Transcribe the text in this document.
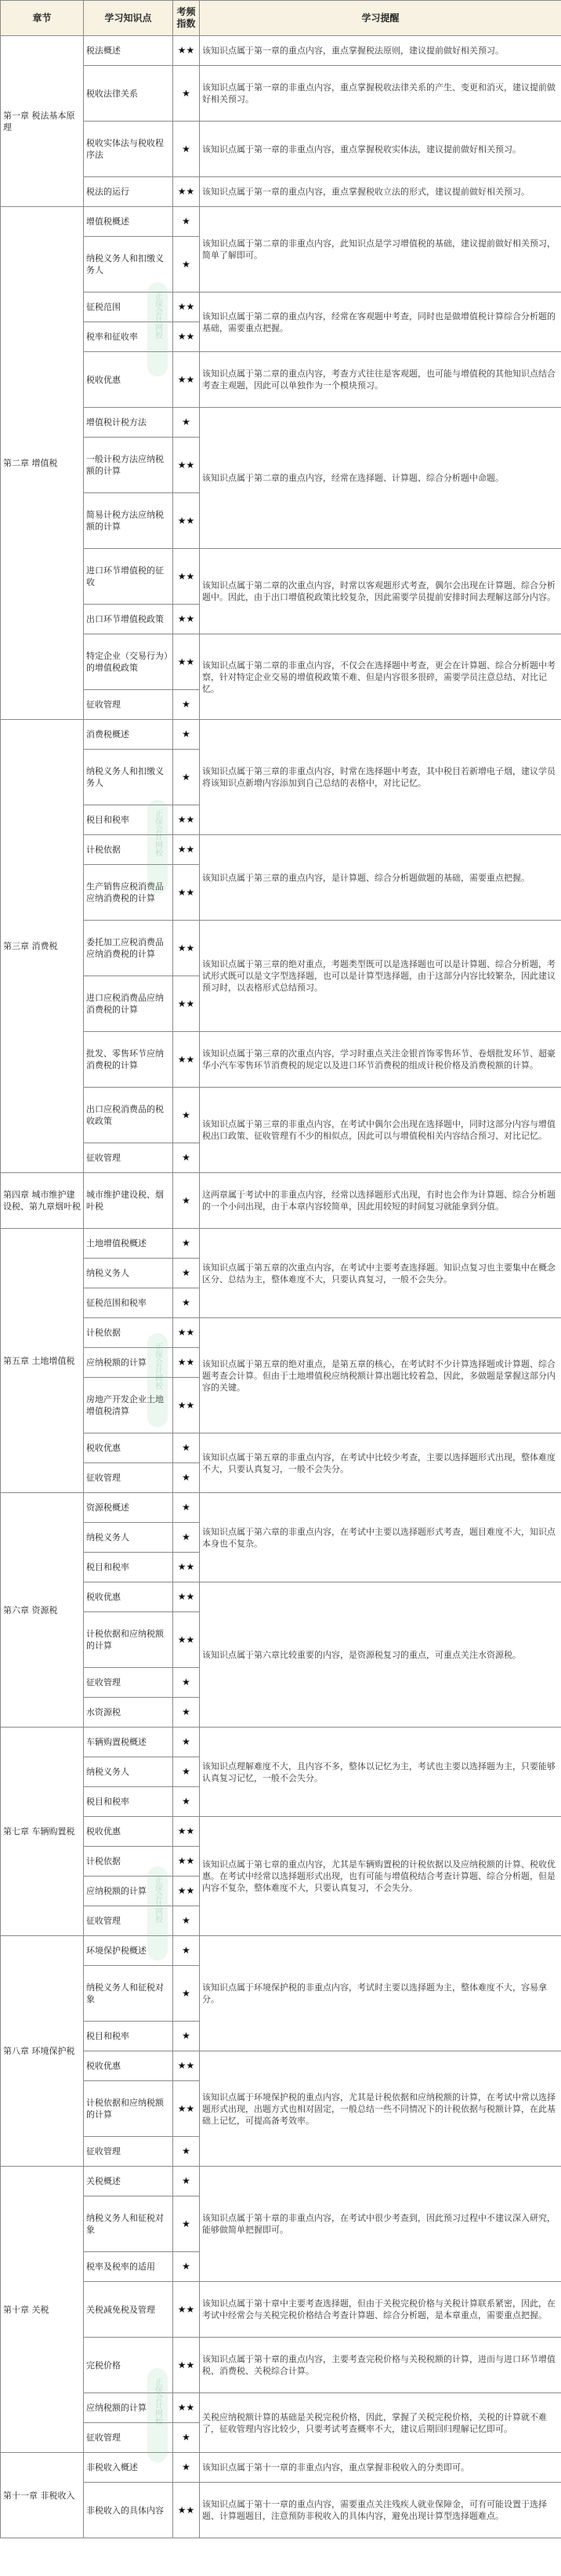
章节	学习知识点	考频指数	学习提醒
第一章 税法基本原理	税法概述	★★	该知识点属于第一章的重点内容，重点掌握税法原则，建议提前做好相关预习。
	税收法律关系	★	该知识点属于第一章的非重点内容，重点掌握税收法律关系的产生、变更和消灭，建议提前做好相关预习。
	税收实体法与税收程序法	★	该知识点属于第一章的非重点内容，重点掌握税收实体法，建议提前做好相关预习。
	税法的运行	★★	该知识点属于第一章的重点内容，重点掌握税收立法的形式，建议提前做好相关预习。
第二章 增值税	增值税概述	★	该知识点属于第二章的非重点内容，此知识点是学习增值税的基础，建议提前做好相关预习，简单了解即可。
	纳税义务人和扣缴义务人	★	
	征税范围	★★	该知识点属于第二章的重点内容，经常在客观题中考查，同时也是做增值税计算综合分析题的基础，需要重点把握。
	税率和征收率	★★	
	税收优惠	★★	该知识点属于第二章的重点内容，考查方式往往是客观题，也可能与增值税的其他知识点结合考查主观题，因此可以单独作为一个模块预习。
	增值税计税方法	★	该知识点属于第二章的重点内容，经常在选择题、计算题、综合分析题中命题。
	一般计税方法应纳税额的计算	★★	
	简易计税方法应纳税额的计算	★★	
	进口环节增值税的征收	★★	该知识点属于第二章的次重点内容，时常以客观题形式考查，偶尔会出现在计算题、综合分析题中。因此，由于出口增值税政策比较复杂，因此需要学员提前安排时间去理解这部分内容。
	出口环节增值税政策	★★	
	特定企业（交易行为）的增值税政策	★★	该知识点属于第二章的非重点内容，不仅会在选择题中考查，更会在计算题、综合分析题中考察，针对特定企业交易的增值税政策不难、但是内容很多很碎，需要学员注意总结、对比记忆。
	征收管理	★	
第三章 消费税	消费税概述	★	该知识点属于第三章的非重点内容，时常在选择题中考查，其中税目若新增电子烟，建议学员将该知识点新增内容添加到自己总结的表格中，对比记忆。
	纳税义务人和扣缴义务人	★	
	税目和税率	★★	
	计税依据	★★	该知识点属于第三章的重点内容，是计算题、综合分析题做题的基础，需要重点把握。
	生产销售应税消费品应纳消费税的计算	★★	
	委托加工应税消费品应纳消费税的计算	★★	该知识点属于第三章的绝对重点，考题类型既可以是选择题也可以是计算题、综合分析题，考试形式既可以是文字型选择题，也可以是计算型选择题，由于这部分内容比较繁杂，因此建议预习时，以表格形式总结预习。
	进口应税消费品应纳消费税的计算	★★	
	批发、零售环节应纳消费税的计算	★★	该知识点属于第三章的次重点内容，学习时重点关注金银首饰零售环节、卷烟批发环节、超豪华小汽车零售环节消费税的规定以及进口环节消费税的组成计税价格及消费税额的计算。
	出口应税消费品的税收政策	★	该知识点属于第三章的非重点内容，在考试中偶尔会出现在选择题中，同时这部分内容与增值税出口政策、征收管理有不少的相似点，因此可以与增值税相关内容结合预习、对比记忆。
	征收管理	★	
第四章 城市维护建设税、第九章烟叶税	城市维护建设税、烟叶税	★	这两章属于考试中的非重点内容，经常以选择题形式出现，有时也会作为计算题、综合分析题的一个小问出现，由于本章内容较简单，因此用较短的时间复习就能拿到分值。
第五章 土地增值税	土地增值税概述	★	该知识点属于第五章的次重点内容，在考试中主要考查选择题。知识点复习也主要集中在概念区分、总结为主，整体难度不大，只要认真复习，一般不会失分。
	纳税义务人	★	
	征税范围和税率	★	
	计税依据	★★	该知识点属于第五章的绝对重点，是第五章的核心，在考试时不少计算选择题或计算题、综合题考查会计算。但由于土地增值税应纳税额计算出题比较着急，因此，多做题是掌握这部分内容的关键。
	应纳税额的计算	★★	
	房地产开发企业土地增值税清算	★★	
	税收优惠	★	该知识点属于第五章的非重点内容，在考试中比较少考查，主要以选择题形式出现，整体难度不大，只要认真复习，一般不会失分。
	征收管理	★	
第六章 资源税	资源税概述	★	该知识点属于第六章的非重点内容，在考试中主要以选择题形式考查，题目难度不大，知识点本身也不复杂。
	纳税义务人	★	
	税目和税率	★★	
	税收优惠	★★	该知识点属于第六章比较重要的内容，是资源税复习的重点，可重点关注水资源税。
	计税依据和应纳税额的计算	★★	
	征收管理	★	
	水资源税	★	
第七章 车辆购置税	车辆购置税概述	★	该知识点理解难度不大，且内容不多，整体以记忆为主，考试也主要以选择题为主，只要能够认真复习记忆，一般不会失分。
	纳税义务人	★	
	税目和税率	★	
	税收优惠	★★	该知识点属于第七章的重点内容，尤其是车辆购置税的计税依据以及应纳税额的计算、税收优惠。在考试中经常以选择题形式出现，也有可能与增值税结合考查计算题、综合分析题，但是内容不复杂，整体难度不大，只要认真复习，不会失分。
	计税依据	★★	
	应纳税额的计算	★★	
	征收管理	★	
第八章 环境保护税	环境保护税概述	★	该知识点属于环境保护税的非重点内容，考试时主要以选择题为主，整体难度不大，容易拿分。
	纳税义务人和征税对象	★	
	税目和税率	★	
	税收优惠	★★	该知识点属于环境保护税的重点内容，尤其是计税依据和应纳税额的计算，在考试中常以选择题形式出现，出题方式也相对固定，一般总结一些不同情况下的计税依据与税额计算，在此基础上记忆，可提高备考效率。
	计税依据和应纳税额的计算	★★	
	征收管理	★	
第十章 关税	关税概述	★	该知识点属于第十章的非重点内容，在考试中很少考查到，因此预习过程中不建议深入研究，能够做简单把握即可。
	纳税义务人和征税对象	★	
	税率及税率的适用	★	
	关税减免税及管理	★★	该知识点属于第十章中主要考查选择题，但由于关税完税价格与关税计算联系紧密，因此，在考试中经常会与关税完税价格结合考查计算题、综合分析题，是本章重点，需要重点把握。
	完税价格	★★	该知识点属于第十章的重点内容，主要考查完税价格与关税税额的计算，进而与进口环节增值税、消费税、关税综合计算。
	应纳税额的计算	★★	关税应纳税额计算的基础是关税完税价格，因此，掌握了关税完税价格，关税的计算就不难了，征收管理内容比较少，只要考试考查概率不大，建议后期回归理解记忆即可。
	征收管理	★	
第十一章 非税收入	非税收入概述	★	该知识点属于第十一章的非重点内容，重点掌握非税收入的分类即可。
	非税收入的具体内容	★★	该知识点属于第十一章的重点内容，需要重点关注残疾人就业保障金，可有可能设置于选择题、计算题题目，注意预防非税收入的具体内容，避免出现计算型选择题难点。
正保会计网校
正保会计网校
正保会计网校
正保会计网校
正保会计网校
